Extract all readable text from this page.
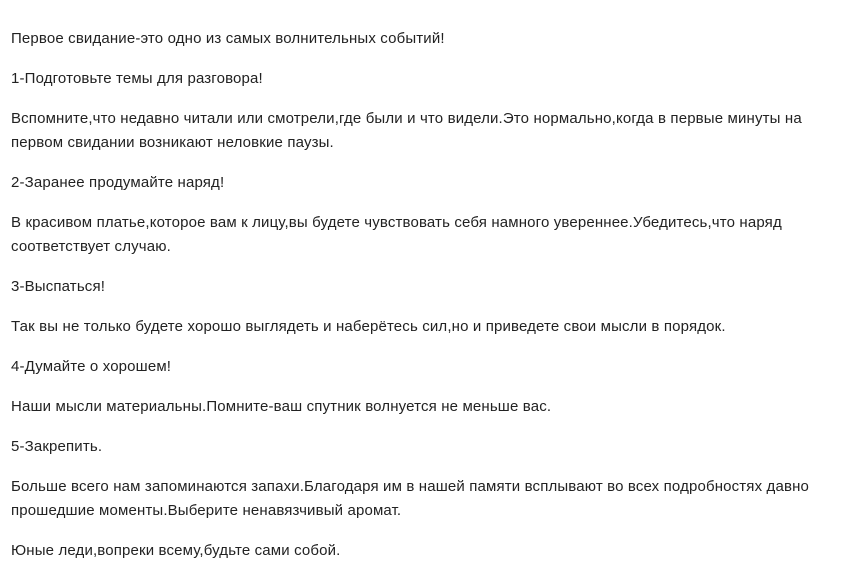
Первое свидание-это одно из самых волнительных событий!

1-Подготовьте темы для разговора!

Вспомните,что недавно читали или смотрели,где были и что видели.Это нормально,когда в первые минуты на первом свидании возникают неловкие паузы.

2-Заранее продумайте наряд!

В красивом платье,которое вам к лицу,вы будете чувствовать себя намного увереннее.Убедитесь,что наряд соответствует случаю.

3-Выспаться!

Так вы не только будете хорошо выглядеть и наберётесь сил,но и приведете свои мысли в порядок.

4-Думайте о хорошем!

Наши мысли материальны.Помните-ваш спутник волнуется не меньше вас.

5-Закрепить.

Больше всего нам запоминаются запахи.Благодаря им в нашей памяти всплывают во всех подробностях давно прошедшие моменты.Выберите ненавязчивый аромат.

Юные леди,вопреки всему,будьте сами собой.
